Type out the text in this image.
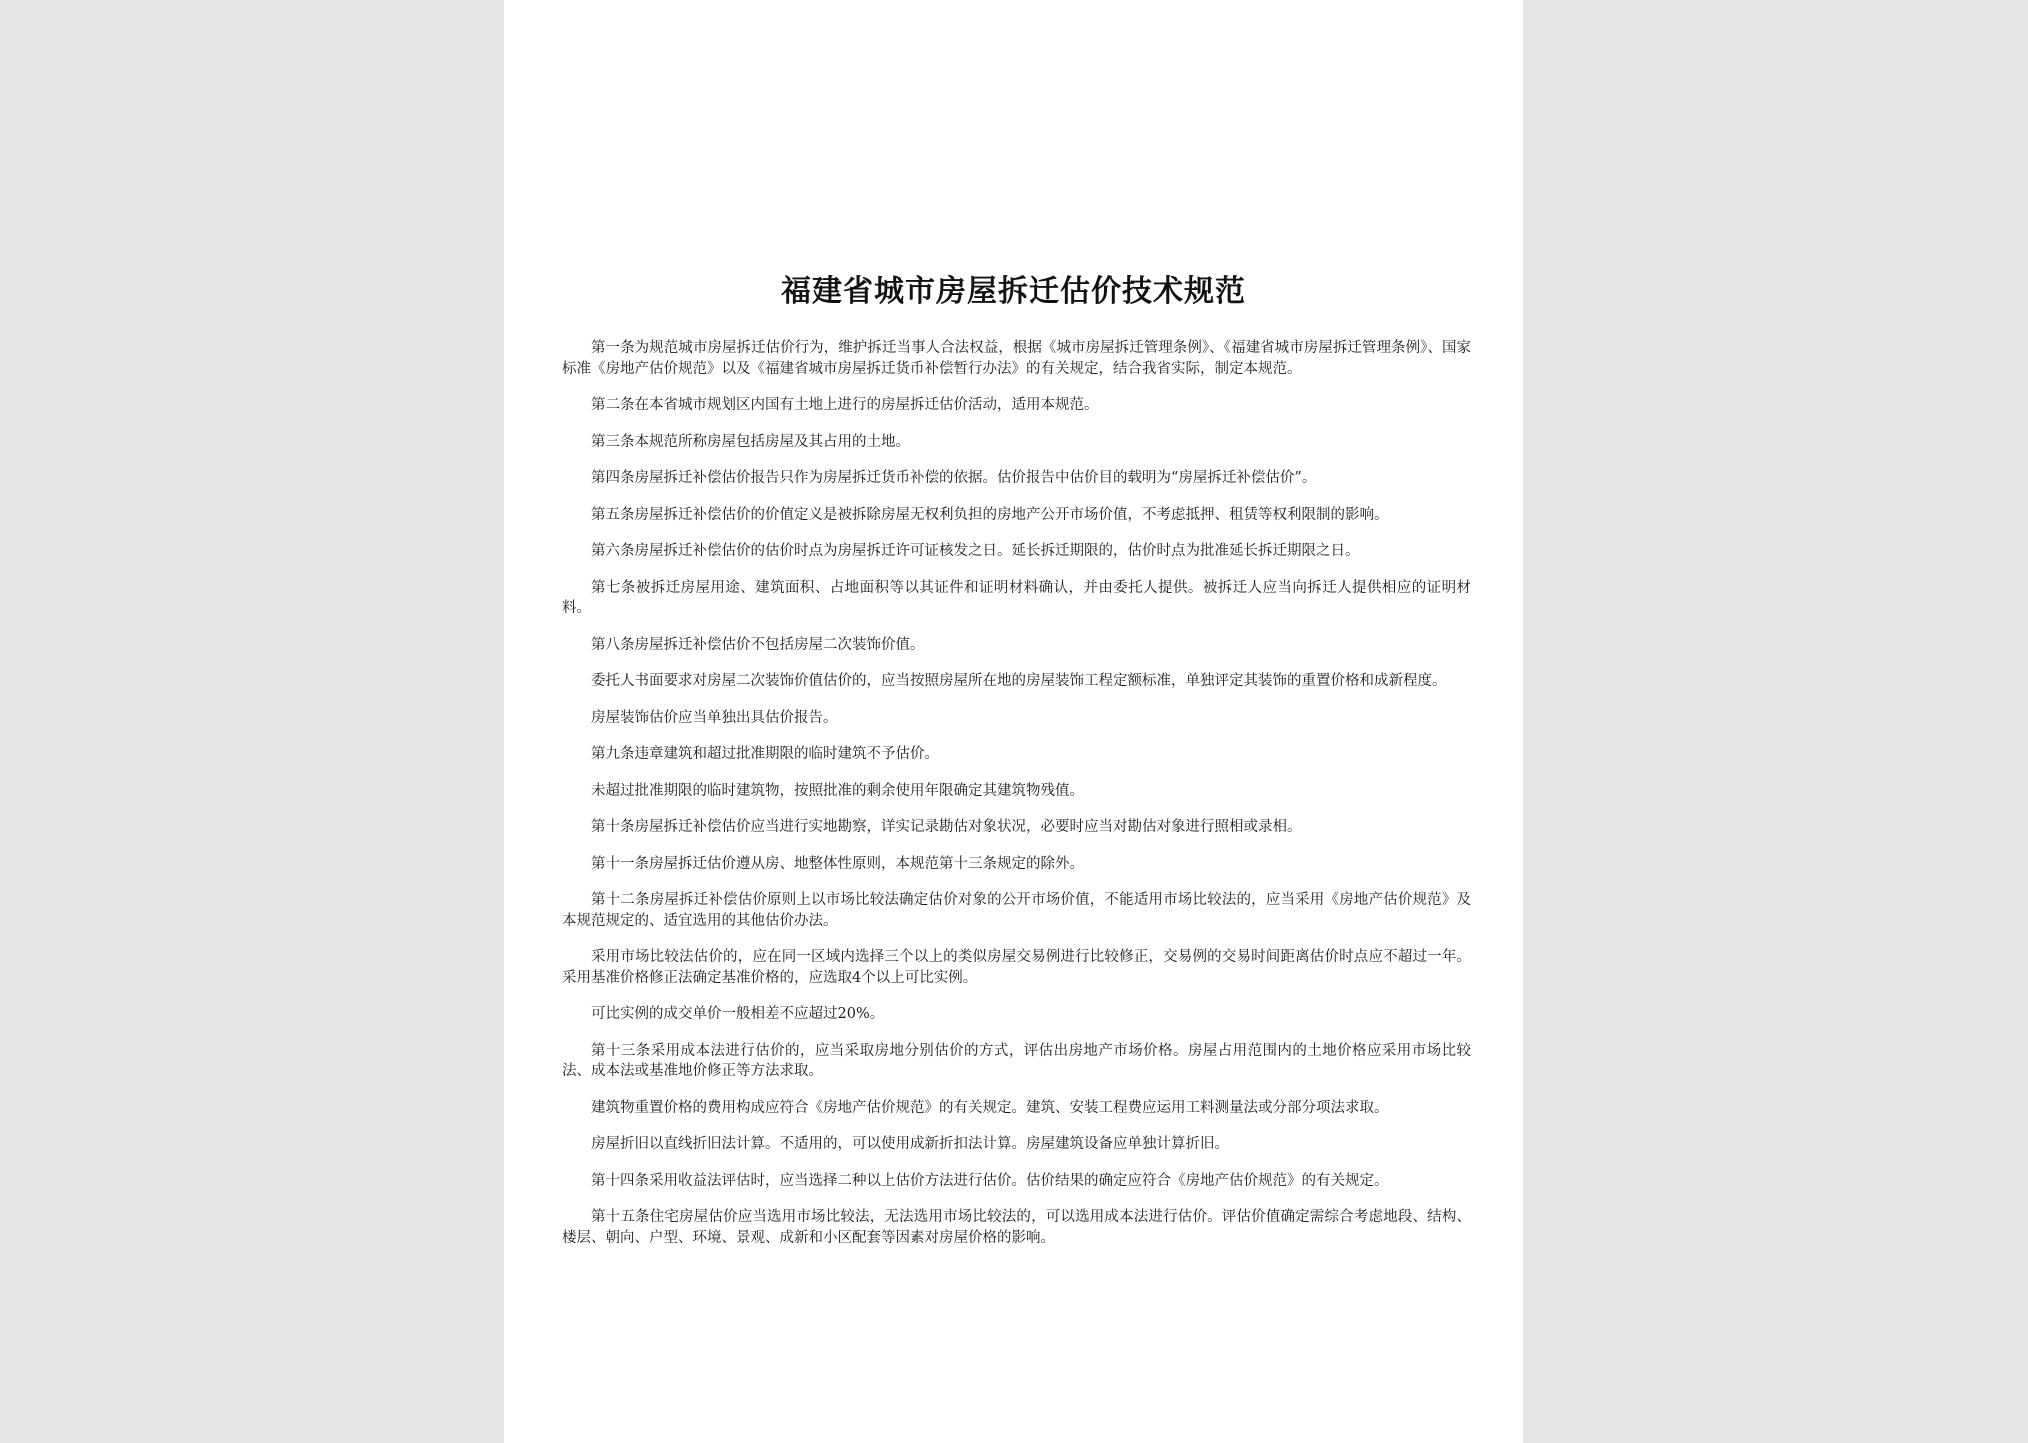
福建省城市房屋拆迁估价技术规范

第一条为规范城市房屋拆迁估价行为，维护拆迁当事人合法权益，根据《城市房屋拆迁管理条例》、《福建省城市房屋拆迁管理条例》、国家标准《房地产估价规范》以及《福建省城市房屋拆迁货币补偿暂行办法》的有关规定，结合我省实际，制定本规范。

第二条在本省城市规划区内国有土地上进行的房屋拆迁估价活动，适用本规范。

第三条本规范所称房屋包括房屋及其占用的土地。

第四条房屋拆迁补偿估价报告只作为房屋拆迁货币补偿的依据。估价报告中估价目的载明为“房屋拆迁补偿估价”。

第五条房屋拆迁补偿估价的价值定义是被拆除房屋无权利负担的房地产公开市场价值，不考虑抵押、租赁等权利限制的影响。

第六条房屋拆迁补偿估价的估价时点为房屋拆迁许可证核发之日。延长拆迁期限的，估价时点为批准延长拆迁期限之日。

第七条被拆迁房屋用途、建筑面积、占地面积等以其证件和证明材料确认，并由委托人提供。被拆迁人应当向拆迁人提供相应的证明材料。

第八条房屋拆迁补偿估价不包括房屋二次装饰价值。

委托人书面要求对房屋二次装饰价值估价的，应当按照房屋所在地的房屋装饰工程定额标准，单独评定其装饰的重置价格和成新程度。

房屋装饰估价应当单独出具估价报告。

第九条违章建筑和超过批准期限的临时建筑不予估价。

未超过批准期限的临时建筑物，按照批准的剩余使用年限确定其建筑物残值。

第十条房屋拆迁补偿估价应当进行实地勘察，详实记录勘估对象状况，必要时应当对勘估对象进行照相或录相。

第十一条房屋拆迁估价遵从房、地整体性原则，本规范第十三条规定的除外。

第十二条房屋拆迁补偿估价原则上以市场比较法确定估价对象的公开市场价值，不能适用市场比较法的，应当采用《房地产估价规范》及本规范规定的、适宜选用的其他估价办法。

采用市场比较法估价的，应在同一区域内选择三个以上的类似房屋交易例进行比较修正，交易例的交易时间距离估价时点应不超过一年。采用基准价格修正法确定基准价格的，应选取4个以上可比实例。

可比实例的成交单价一般相差不应超过20%。

第十三条采用成本法进行估价的，应当采取房地分别估价的方式，评估出房地产市场价格。房屋占用范围内的土地价格应采用市场比较法、成本法或基准地价修正等方法求取。

建筑物重置价格的费用构成应符合《房地产估价规范》的有关规定。建筑、安装工程费应运用工料测量法或分部分项法求取。

房屋折旧以直线折旧法计算。不适用的，可以使用成新折扣法计算。房屋建筑设备应单独计算折旧。

第十四条采用收益法评估时，应当选择二种以上估价方法进行估价。估价结果的确定应符合《房地产估价规范》的有关规定。

第十五条住宅房屋估价应当选用市场比较法，无法选用市场比较法的，可以选用成本法进行估价。评估价值确定需综合考虑地段、结构、楼层、朝向、户型、环境、景观、成新和小区配套等因素对房屋价格的影响。
